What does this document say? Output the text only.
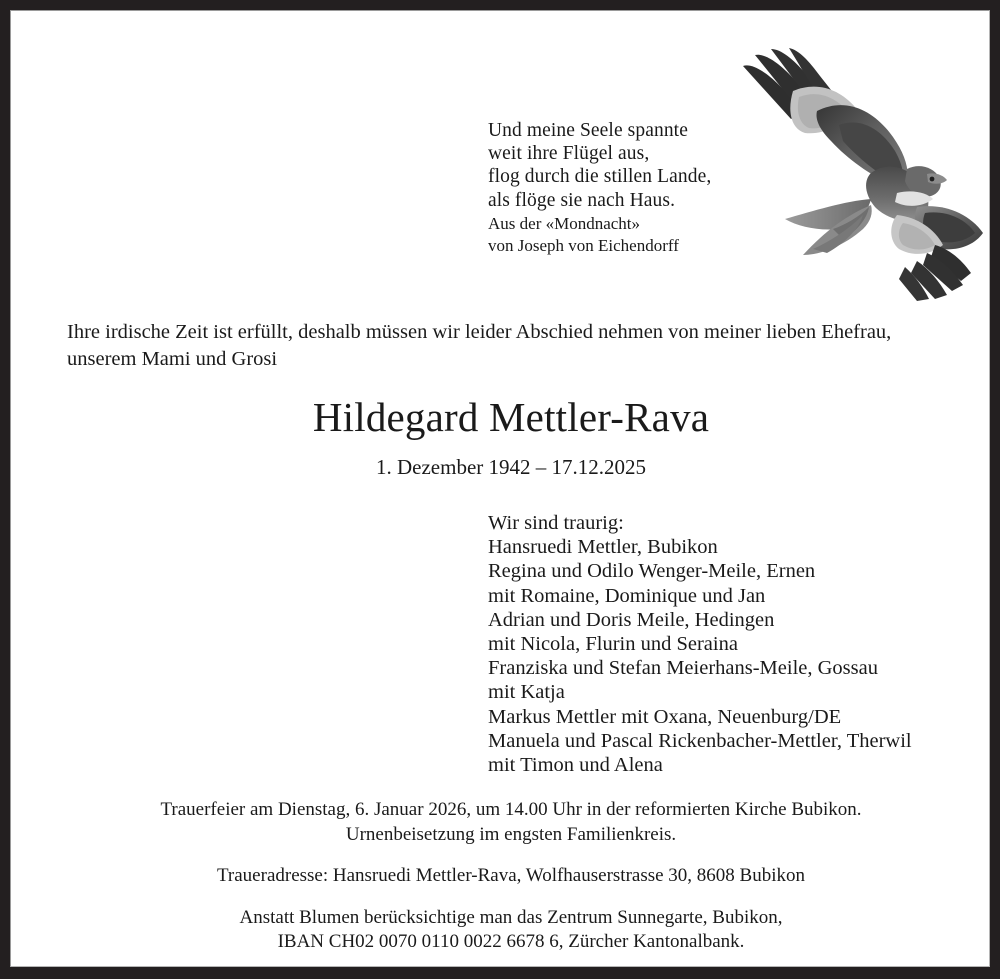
Und meine Seele spannte
weit ihre Flügel aus,
flog durch die stillen Lande,
als flöge sie nach Haus.
Aus der «Mondnacht»
von Joseph von Eichendorff
Ihre irdische Zeit ist erfüllt, deshalb müssen wir leider Abschied nehmen von meiner lieben Ehefrau,
unserem Mami und Grosi
Hildegard Mettler-Rava
1. Dezember 1942 – 17.12.2025
Wir sind traurig:
Hansruedi Mettler, Bubikon
Regina und Odilo Wenger-Meile, Ernen
mit Romaine, Dominique und Jan
Adrian und Doris Meile, Hedingen
mit Nicola, Flurin und Seraina
Franziska und Stefan Meierhans-Meile, Gossau
mit Katja
Markus Mettler mit Oxana, Neuenburg/DE
Manuela und Pascal Rickenbacher-Mettler, Therwil
mit Timon und Alena
Trauerfeier am Dienstag, 6. Januar 2026, um 14.00 Uhr in der reformierten Kirche Bubikon.
Urnenbeisetzung im engsten Familienkreis.
Traueradresse: Hansruedi Mettler-Rava, Wolfhauserstrasse 30, 8608 Bubikon
Anstatt Blumen berücksichtige man das Zentrum Sunnegarte, Bubikon,
IBAN CH02 0070 0110 0022 6678 6, Zürcher Kantonalbank.
